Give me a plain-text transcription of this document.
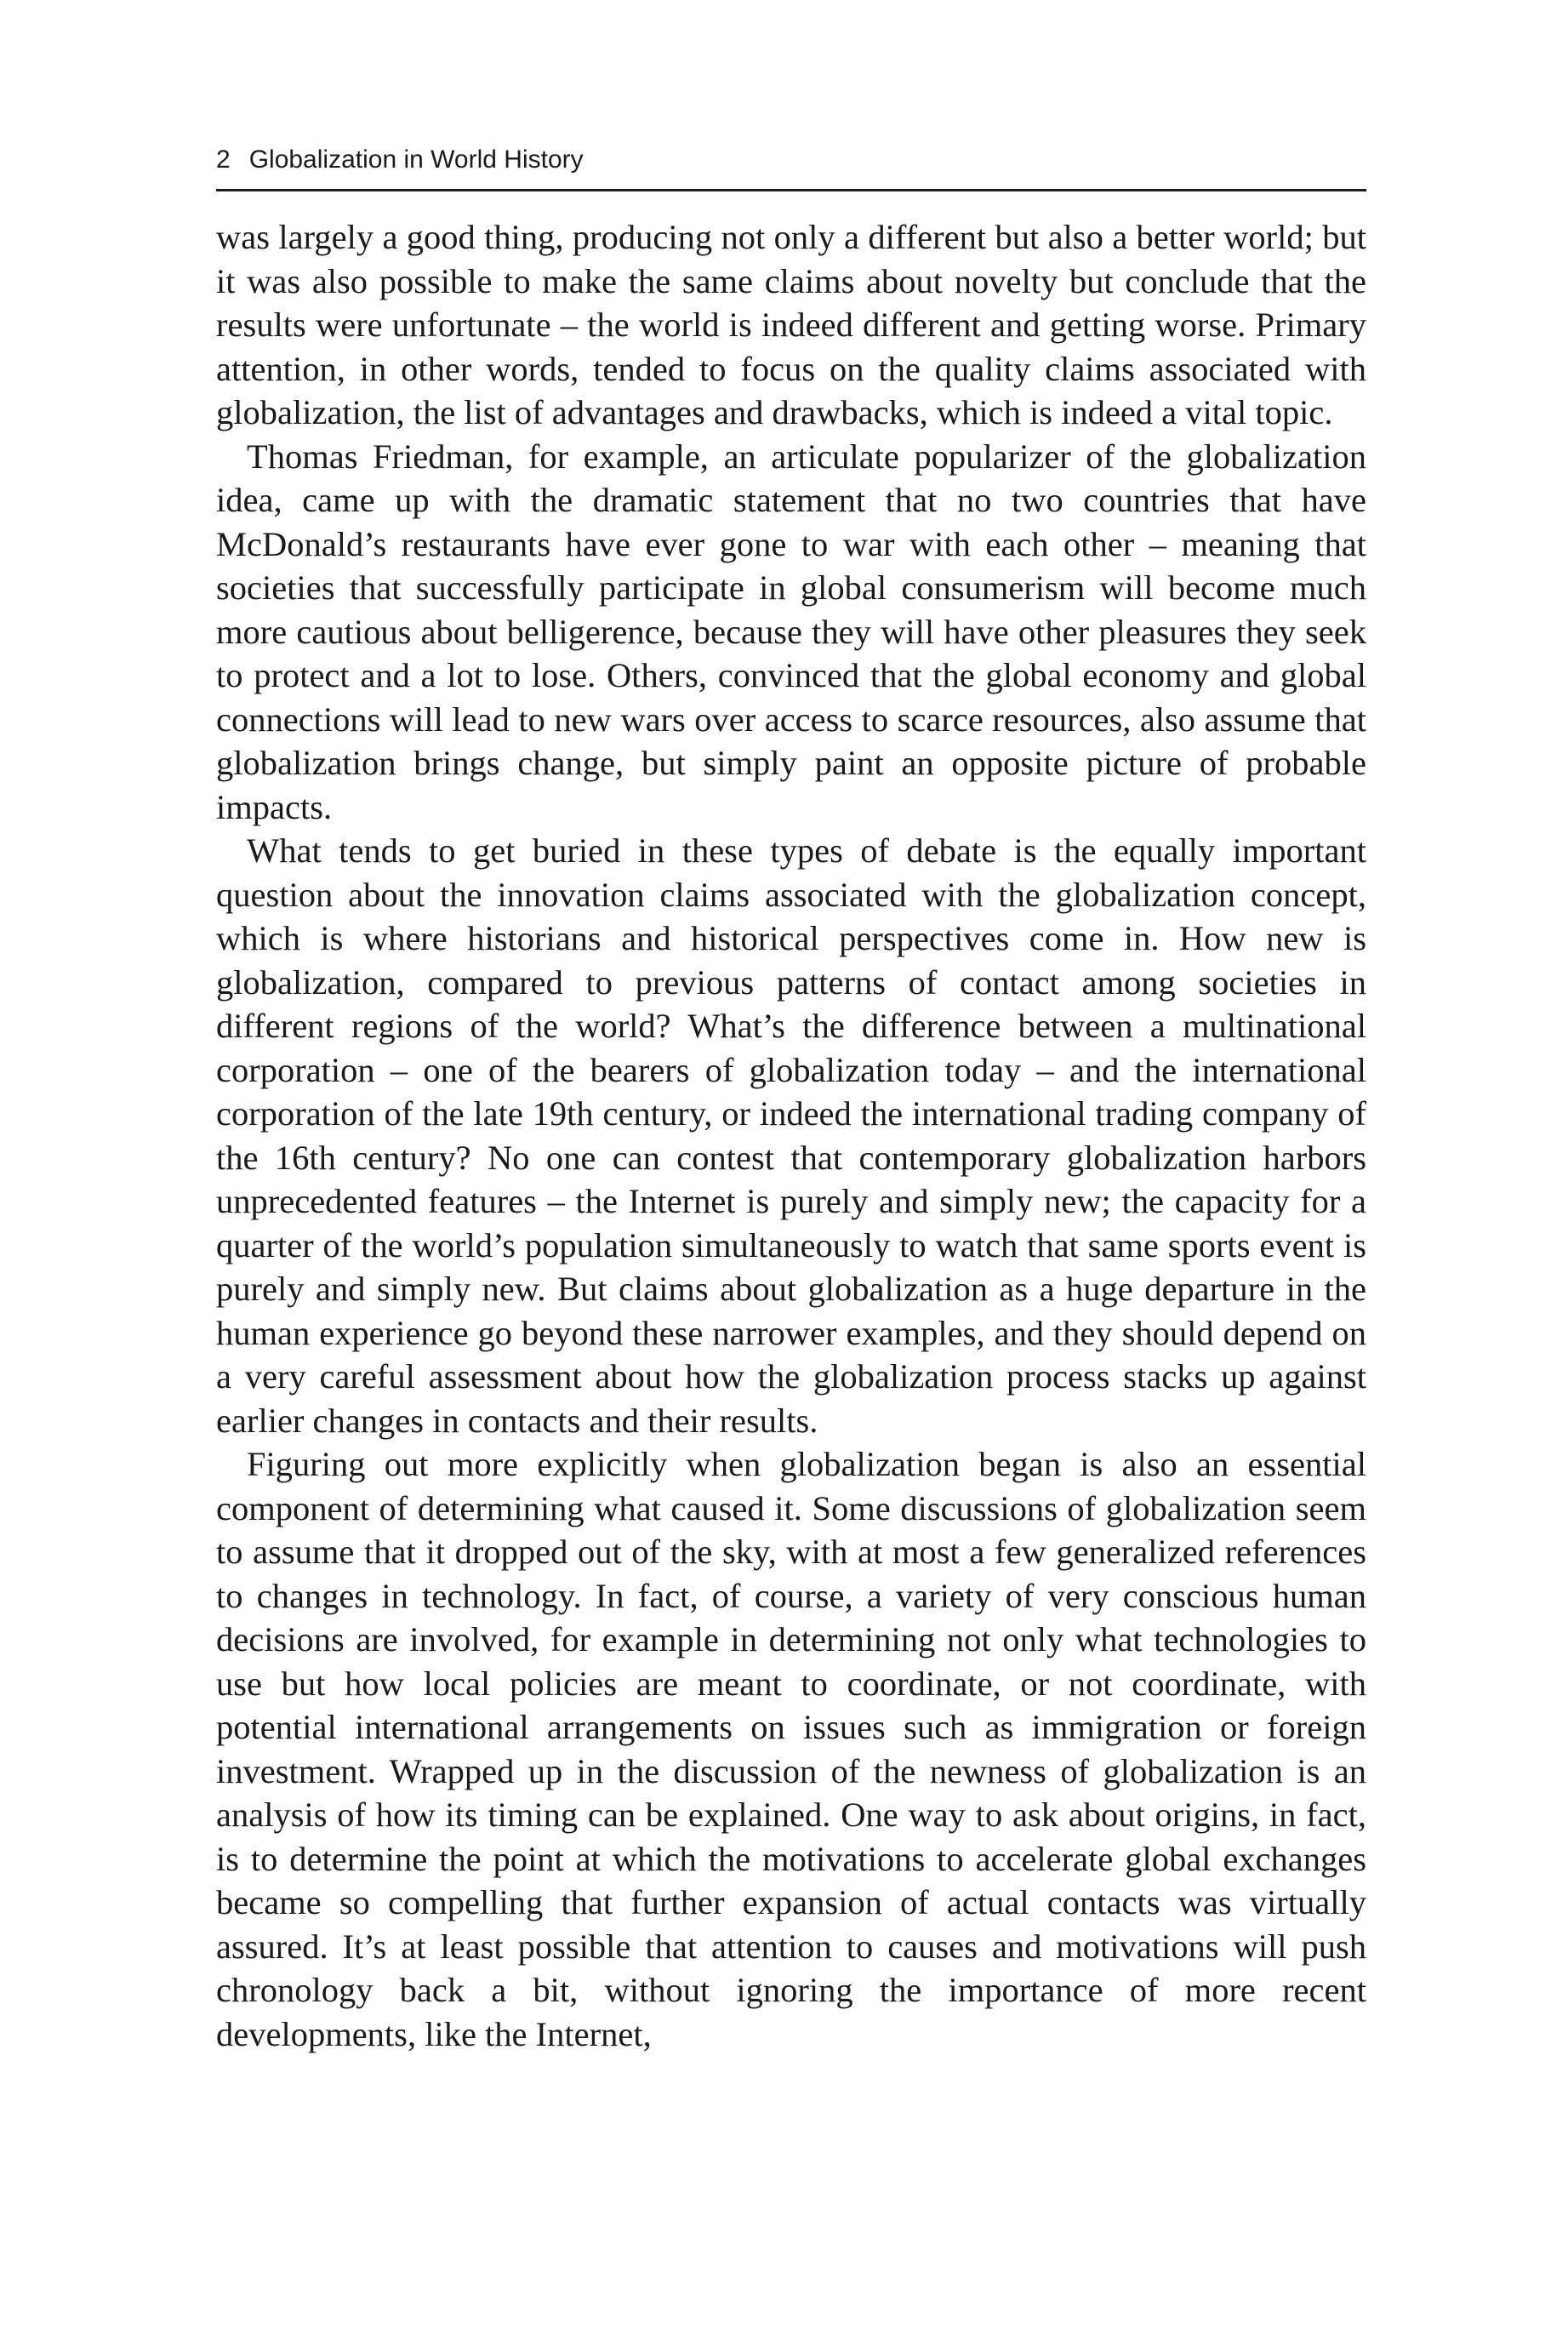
2 Globalization in World History

was largely a good thing, producing not only a different but also a better world; but it was also possible to make the same claims about novelty but conclude that the results were unfortunate – the world is indeed different and getting worse. Primary attention, in other words, tended to focus on the quality claims associated with globalization, the list of advantages and drawbacks, which is indeed a vital topic.

Thomas Friedman, for example, an articulate popularizer of the globalization idea, came up with the dramatic statement that no two countries that have McDonald’s restaurants have ever gone to war with each other – meaning that societies that successfully participate in global consumerism will become much more cautious about belligerence, because they will have other pleasures they seek to protect and a lot to lose. Others, convinced that the global economy and global connections will lead to new wars over access to scarce resources, also assume that globalization brings change, but simply paint an opposite picture of probable impacts.

What tends to get buried in these types of debate is the equally important question about the innovation claims associated with the globalization concept, which is where historians and historical perspectives come in. How new is globalization, compared to previous patterns of contact among societies in different regions of the world? What’s the difference between a multinational corporation – one of the bearers of globalization today – and the international corporation of the late 19th century, or indeed the international trading company of the 16th century? No one can contest that contemporary globalization harbors unprecedented features – the Internet is purely and simply new; the capacity for a quarter of the world’s population simultaneously to watch that same sports event is purely and simply new. But claims about globalization as a huge departure in the human experience go beyond these narrower examples, and they should depend on a very careful assessment about how the globalization process stacks up against earlier changes in contacts and their results.

Figuring out more explicitly when globalization began is also an essential component of determining what caused it. Some discussions of globalization seem to assume that it dropped out of the sky, with at most a few generalized references to changes in technology. In fact, of course, a variety of very conscious human decisions are involved, for example in determining not only what technologies to use but how local policies are meant to coordinate, or not coordinate, with potential international arrangements on issues such as immigration or foreign investment. Wrapped up in the discussion of the newness of globalization is an analysis of how its timing can be explained. One way to ask about origins, in fact, is to determine the point at which the motivations to accelerate global exchanges became so compelling that further expansion of actual contacts was virtually assured. It’s at least possible that attention to causes and motivations will push chronology back a bit, without ignoring the importance of more recent developments, like the Internet,
